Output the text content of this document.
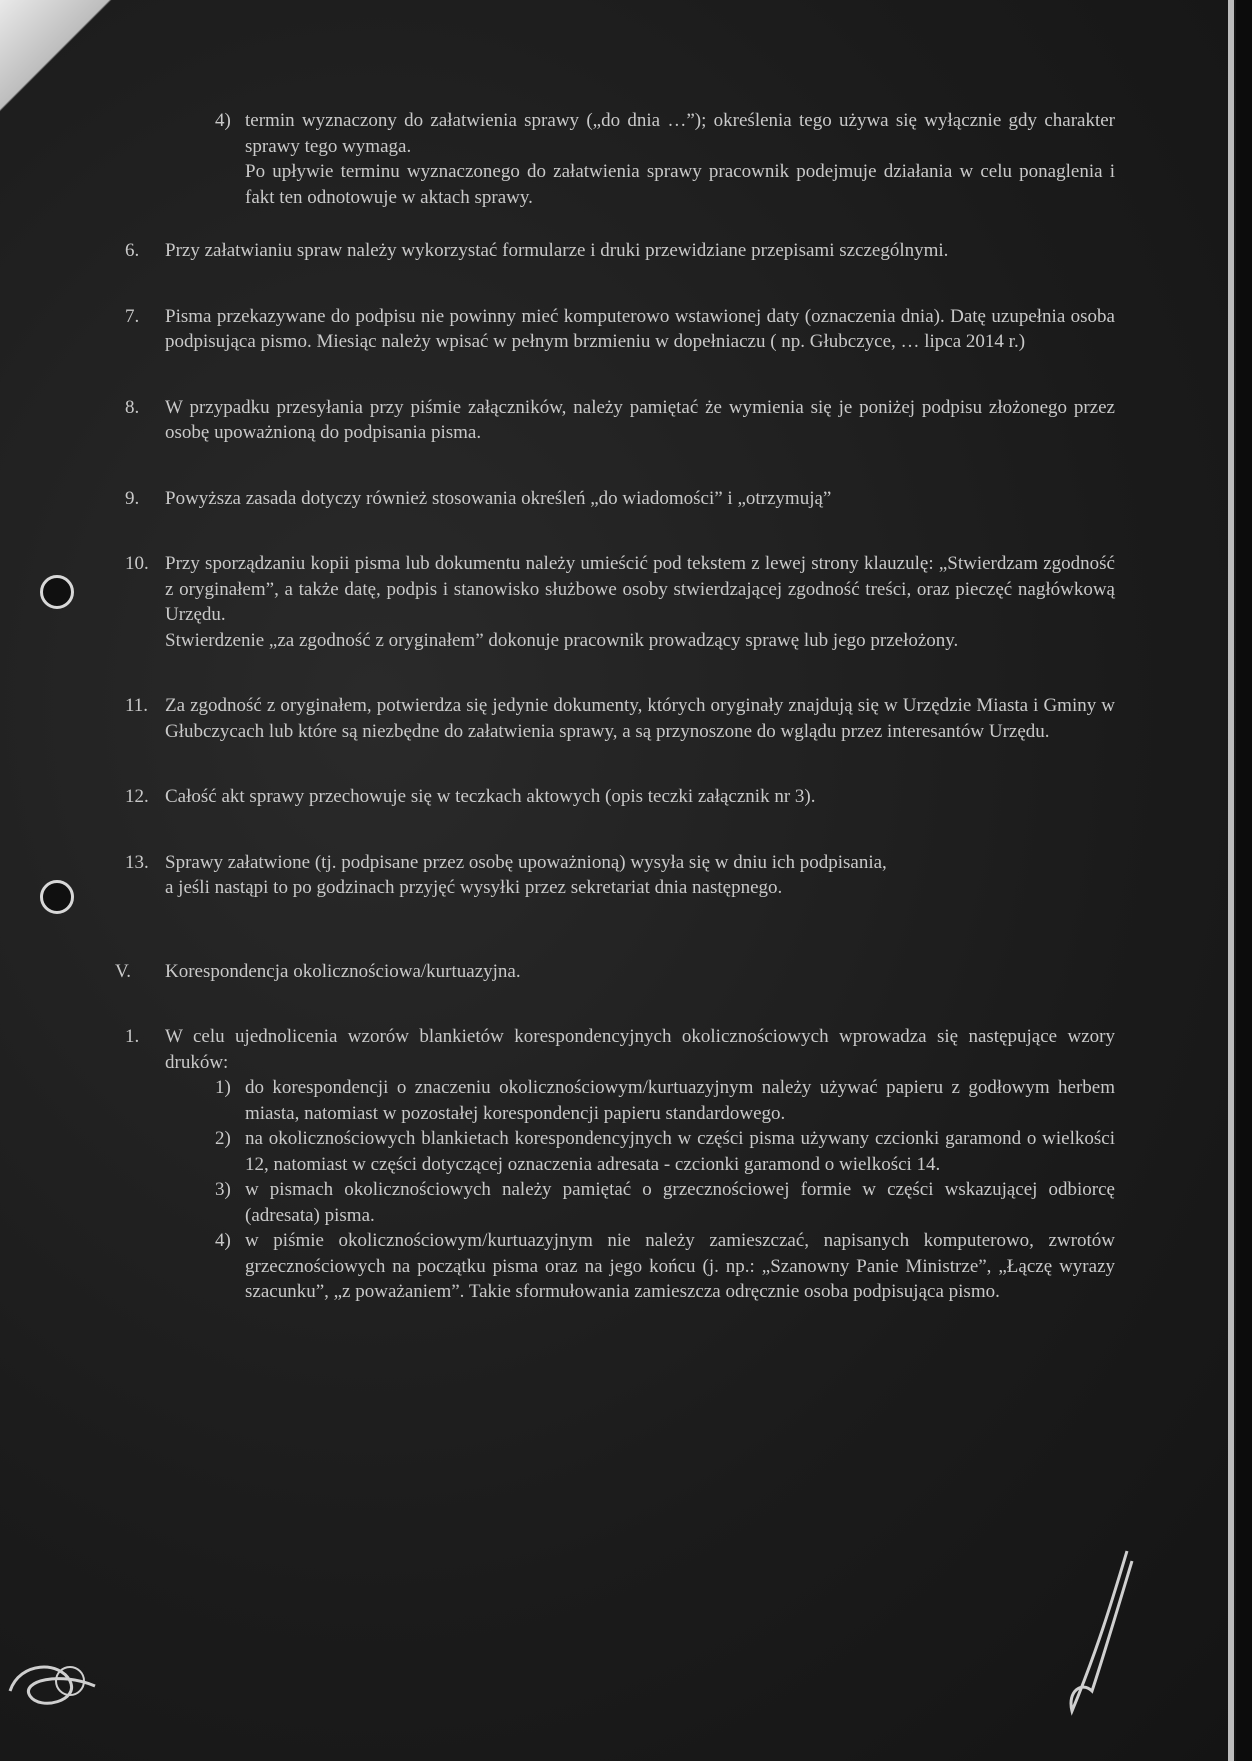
4) termin wyznaczony do załatwienia sprawy („do dnia …”); określenia tego używa się wyłącznie gdy charakter sprawy tego wymaga.
Po upływie terminu wyznaczonego do załatwienia sprawy pracownik podejmuje działania w celu ponaglenia i fakt ten odnotowuje w aktach sprawy.
6. Przy załatwianiu spraw należy wykorzystać formularze i druki przewidziane przepisami szczególnymi.
7. Pisma przekazywane do podpisu nie powinny mieć komputerowo wstawionej daty (oznaczenia dnia). Datę uzupełnia osoba podpisująca pismo. Miesiąc należy wpisać w pełnym brzmieniu w dopełniaczu ( np. Głubczyce, … lipca 2014 r.)
8. W przypadku przesyłania przy piśmie załączników, należy pamiętać że wymienia się je poniżej podpisu złożonego przez osobę upoważnioną do podpisania pisma.
9. Powyższa zasada dotyczy również stosowania określeń „do wiadomości” i „otrzymują”
10. Przy sporządzaniu kopii pisma lub dokumentu należy umieścić pod tekstem z lewej strony klauzulę: „Stwierdzam zgodność z oryginałem”, a także datę, podpis i stanowisko służbowe osoby stwierdzającej zgodność treści, oraz pieczęć nagłówkową Urzędu.
Stwierdzenie „za zgodność z oryginałem” dokonuje pracownik prowadzący sprawę lub jego przełożony.
11. Za zgodność z oryginałem, potwierdza się jedynie dokumenty, których oryginały znajdują się w Urzędzie Miasta i Gminy w Głubczycach lub które są niezbędne do załatwienia sprawy, a są przynoszone do wglądu przez interesantów Urzędu.
12. Całość akt sprawy przechowuje się w teczkach aktowych (opis teczki załącznik nr 3).
13. Sprawy załatwione (tj. podpisane przez osobę upoważnioną) wysyła się w dniu ich podpisania,
a jeśli nastąpi to po godzinach przyjęć wysyłki przez sekretariat dnia następnego.
V. Korespondencja okolicznościowa/kurtuazyjna.
1. W celu ujednolicenia wzorów blankietów korespondencyjnych okolicznościowych wprowadza się następujące wzory druków:
1) do korespondencji o znaczeniu okolicznościowym/kurtuazyjnym należy używać papieru z godłowym herbem miasta, natomiast w pozostałej korespondencji papieru standardowego.
2) na okolicznościowych blankietach korespondencyjnych w części pisma używany czcionki garamond o wielkości 12, natomiast w części dotyczącej oznaczenia adresata - czcionki garamond o wielkości 14.
3) w pismach okolicznościowych należy pamiętać o grzecznościowej formie w części wskazującej odbiorcę (adresata) pisma.
4) w piśmie okolicznościowym/kurtuazyjnym nie należy zamieszczać, napisanych komputerowo, zwrotów grzecznościowych na początku pisma oraz na jego końcu (j. np.: „Szanowny Panie Ministrze”, „Łączę wyrazy szacunku”, „z poważaniem”. Takie sformułowania zamieszcza odręcznie osoba podpisująca pismo.
